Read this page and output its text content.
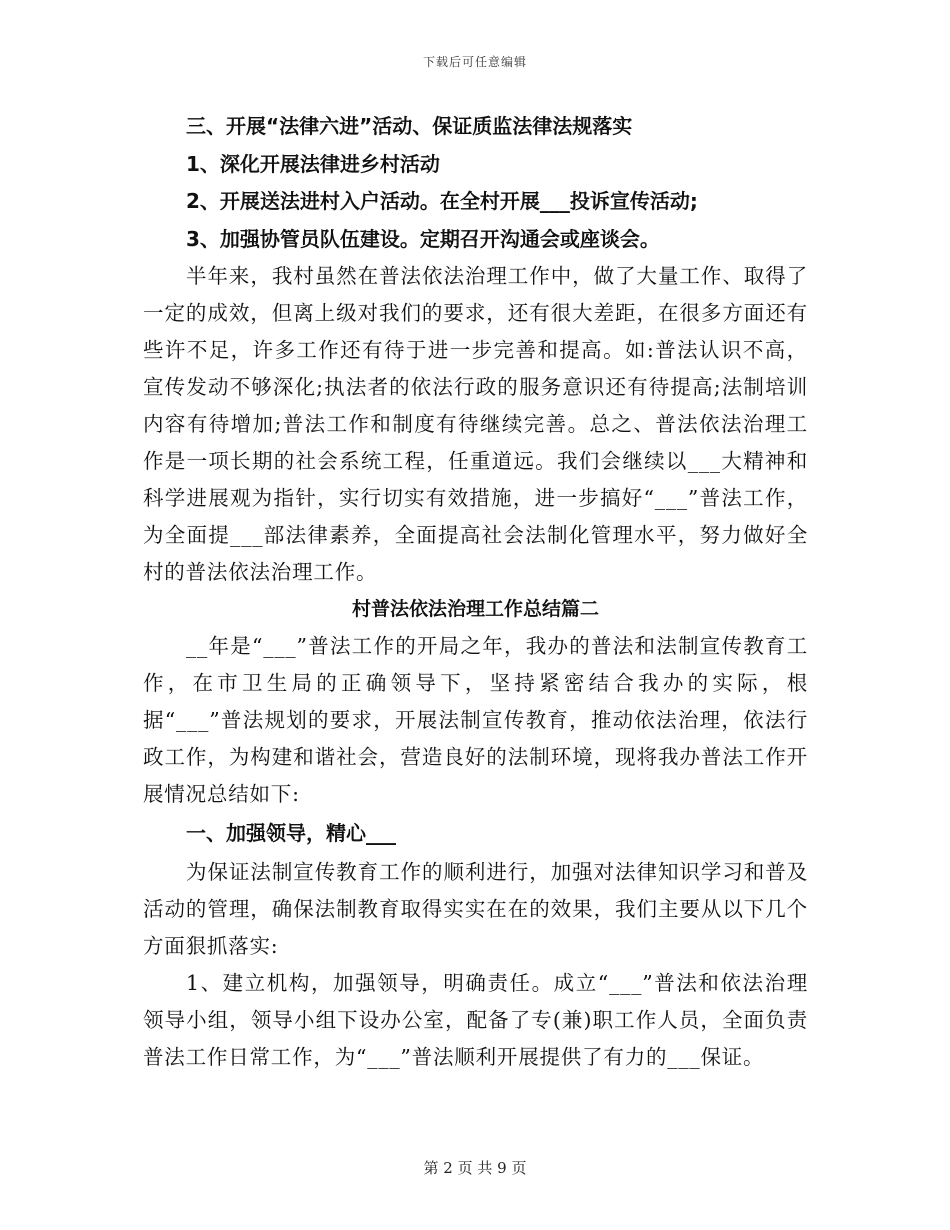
下载后可任意编辑
三、开展“法律六进”活动、保证质监法律法规落实
1、深化开展法律进乡村活动
2、开展送法进村入户活动。在全村开展___投诉宣传活动;
3、加强协管员队伍建设。定期召开沟通会或座谈会。
半年来，我村虽然在普法依法治理工作中，做了大量工作、取得了一定的成效，但离上级对我们的要求，还有很大差距，在很多方面还有些许不足，许多工作还有待于进一步完善和提高。如:普法认识不高，宣传发动不够深化;执法者的依法行政的服务意识还有待提高;法制培训内容有待增加;普法工作和制度有待继续完善。总之、普法依法治理工作是一项长期的社会系统工程，任重道远。我们会继续以___大精神和科学进展观为指针，实行切实有效措施，进一步搞好“___”普法工作，为全面提___部法律素养，全面提高社会法制化管理水平，努力做好全村的普法依法治理工作。
村普法依法治理工作总结篇二
__年是“___”普法工作的开局之年，我办的普法和法制宣传教育工作，在市卫生局的正确领导下，坚持紧密结合我办的实际，根据“___”普法规划的要求，开展法制宣传教育，推动依法治理，依法行政工作，为构建和谐社会，营造良好的法制环境，现将我办普法工作开展情况总结如下:
一、加强领导，精心___
为保证法制宣传教育工作的顺利进行，加强对法律知识学习和普及活动的管理，确保法制教育取得实实在在的效果，我们主要从以下几个方面狠抓落实:
1、建立机构，加强领导，明确责任。成立“___”普法和依法治理领导小组，领导小组下设办公室，配备了专(兼)职工作人员，全面负责普法工作日常工作，为“___”普法顺利开展提供了有力的___保证。
第 2 页 共 9 页
